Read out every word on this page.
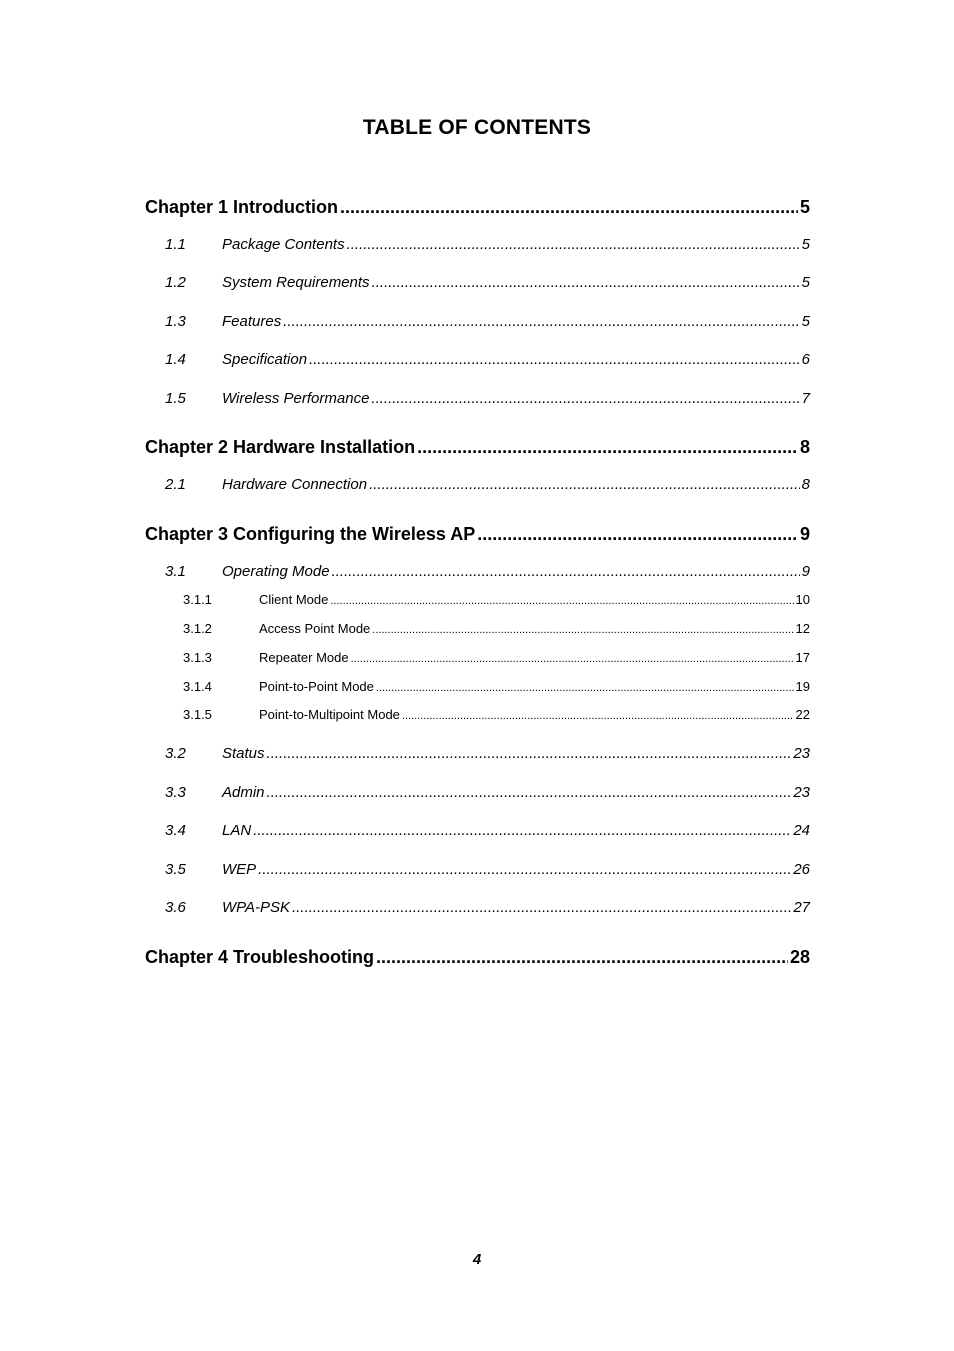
TABLE OF CONTENTS
Chapter 1 Introduction .....	5
1.1	Package Contents .....	5
1.2	System Requirements .....	5
1.3	Features .....	5
1.4	Specification .....	6
1.5	Wireless Performance .....	7
Chapter 2 Hardware Installation .....	8
2.1	Hardware Connection .....	8
Chapter 3 Configuring the Wireless AP .....	9
3.1	Operating Mode .....	9
3.1.1	Client Mode .....	10
3.1.2	Access Point Mode .....	12
3.1.3	Repeater Mode .....	17
3.1.4	Point-to-Point Mode .....	19
3.1.5	Point-to-Multipoint Mode .....	22
3.2	Status .....	23
3.3	Admin .....	23
3.4	LAN .....	24
3.5	WEP .....	26
3.6	WPA-PSK .....	27
Chapter 4 Troubleshooting .....	28
4
